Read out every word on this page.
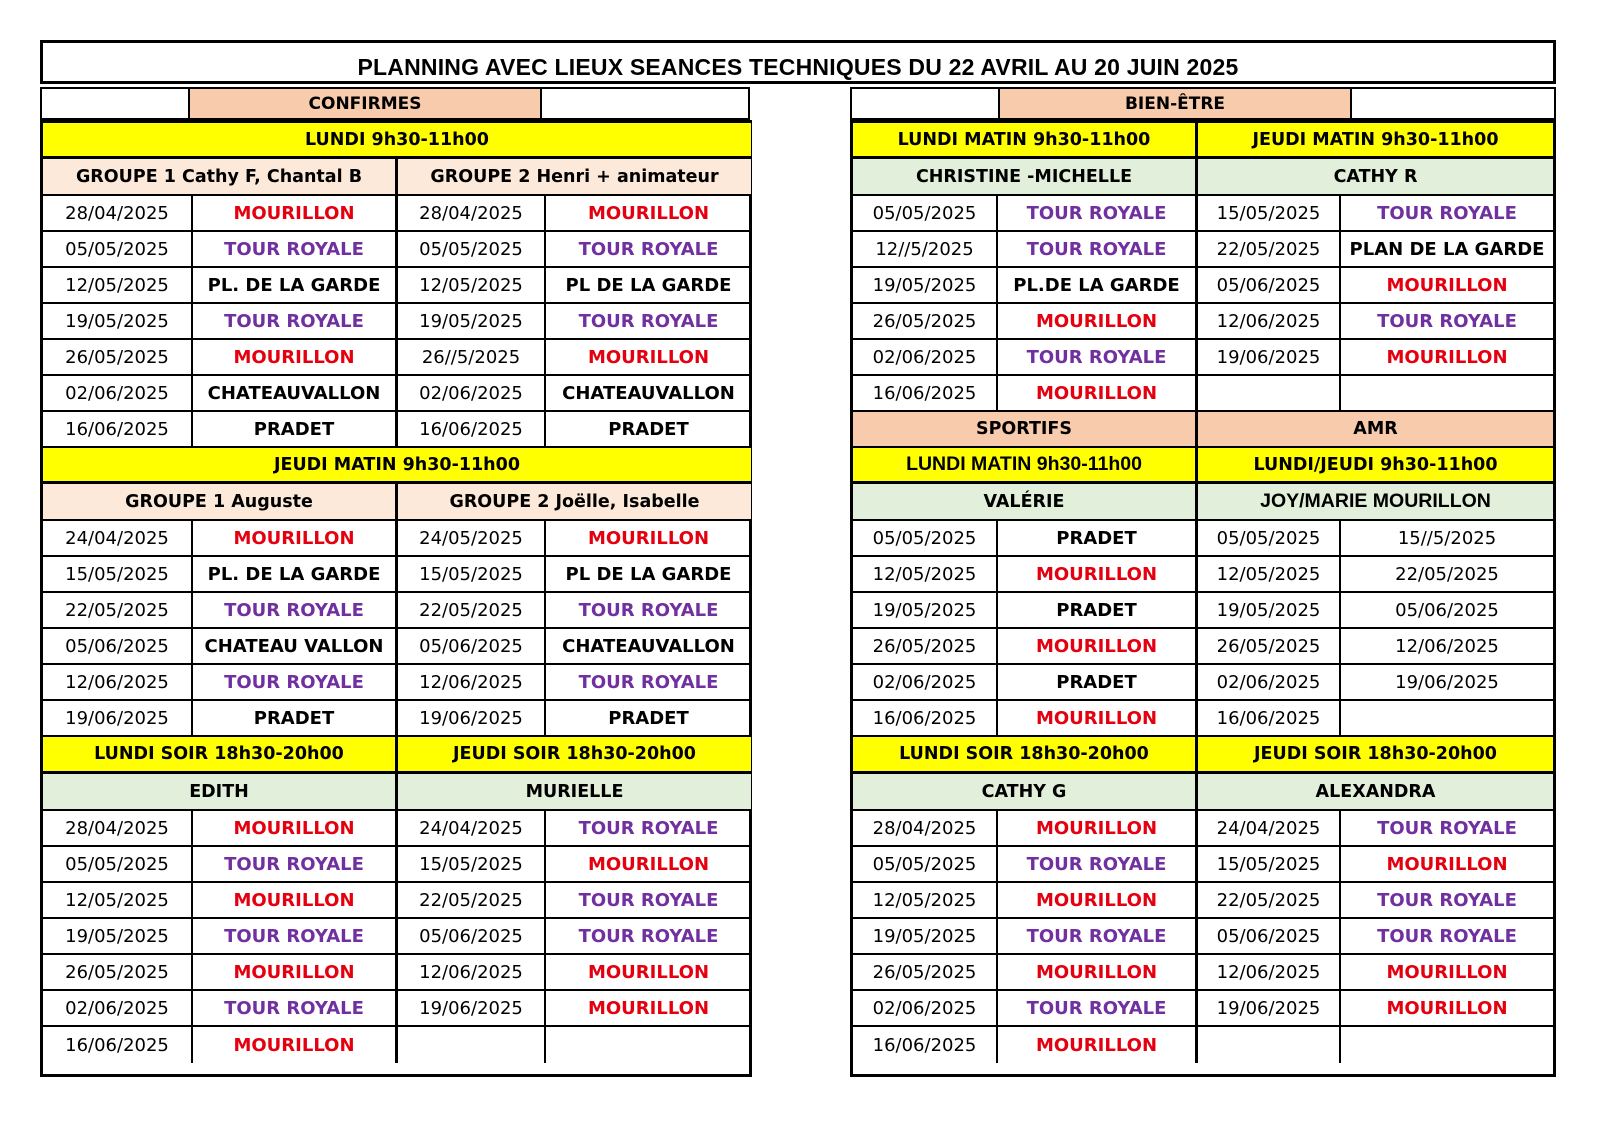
PLANNING AVEC LIEUX SEANCES TECHNIQUES DU 22 AVRIL AU 20 JUIN 2025
CONFIRMES	BIEN-ÊTRE
LUNDI 9h30-11h00
GROUPE 1 Cathy F, Chantal B	GROUPE 2 Henri + animateur
28/04/2025	MOURILLON	28/04/2025	MOURILLON
05/05/2025	TOUR ROYALE	05/05/2025	TOUR ROYALE
12/05/2025	PL. DE LA GARDE	12/05/2025	PL DE LA GARDE
19/05/2025	TOUR ROYALE	19/05/2025	TOUR ROYALE
26/05/2025	MOURILLON	26//5/2025	MOURILLON
02/06/2025	CHATEAUVALLON	02/06/2025	CHATEAUVALLON
16/06/2025	PRADET	16/06/2025	PRADET
JEUDI MATIN 9h30-11h00
GROUPE 1 Auguste	GROUPE 2 Joëlle, Isabelle
24/04/2025	MOURILLON	24/05/2025	MOURILLON
15/05/2025	PL. DE LA GARDE	15/05/2025	PL DE LA GARDE
22/05/2025	TOUR ROYALE	22/05/2025	TOUR ROYALE
05/06/2025	CHATEAU VALLON	05/06/2025	CHATEAUVALLON
12/06/2025	TOUR ROYALE	12/06/2025	TOUR ROYALE
19/06/2025	PRADET	19/06/2025	PRADET
LUNDI SOIR 18h30-20h00	JEUDI SOIR 18h30-20h00
EDITH	MURIELLE
28/04/2025	MOURILLON	24/04/2025	TOUR ROYALE
05/05/2025	TOUR ROYALE	15/05/2025	MOURILLON
12/05/2025	MOURILLON	22/05/2025	TOUR ROYALE
19/05/2025	TOUR ROYALE	05/06/2025	TOUR ROYALE
26/05/2025	MOURILLON	12/06/2025	MOURILLON
02/06/2025	TOUR ROYALE	19/06/2025	MOURILLON
16/06/2025	MOURILLON
LUNDI MATIN 9h30-11h00	JEUDI MATIN 9h30-11h00
CHRISTINE -MICHELLE	CATHY R
05/05/2025	TOUR ROYALE	15/05/2025	TOUR ROYALE
12//5/2025	TOUR ROYALE	22/05/2025	PLAN DE LA GARDE
19/05/2025	PL.DE LA GARDE	05/06/2025	MOURILLON
26/05/2025	MOURILLON	12/06/2025	TOUR ROYALE
02/06/2025	TOUR ROYALE	19/06/2025	MOURILLON
16/06/2025	MOURILLON
SPORTIFS	AMR
LUNDI MATIN 9h30-11h00	LUNDI/JEUDI 9h30-11h00
VALÉRIE	JOY/MARIE MOURILLON
05/05/2025	PRADET	05/05/2025	15//5/2025
12/05/2025	MOURILLON	12/05/2025	22/05/2025
19/05/2025	PRADET	19/05/2025	05/06/2025
26/05/2025	MOURILLON	26/05/2025	12/06/2025
02/06/2025	PRADET	02/06/2025	19/06/2025
16/06/2025	MOURILLON	16/06/2025
LUNDI SOIR 18h30-20h00	JEUDI SOIR 18h30-20h00
CATHY G	ALEXANDRA
28/04/2025	MOURILLON	24/04/2025	TOUR ROYALE
05/05/2025	TOUR ROYALE	15/05/2025	MOURILLON
12/05/2025	MOURILLON	22/05/2025	TOUR ROYALE
19/05/2025	TOUR ROYALE	05/06/2025	TOUR ROYALE
26/05/2025	MOURILLON	12/06/2025	MOURILLON
02/06/2025	TOUR ROYALE	19/06/2025	MOURILLON
16/06/2025	MOURILLON
